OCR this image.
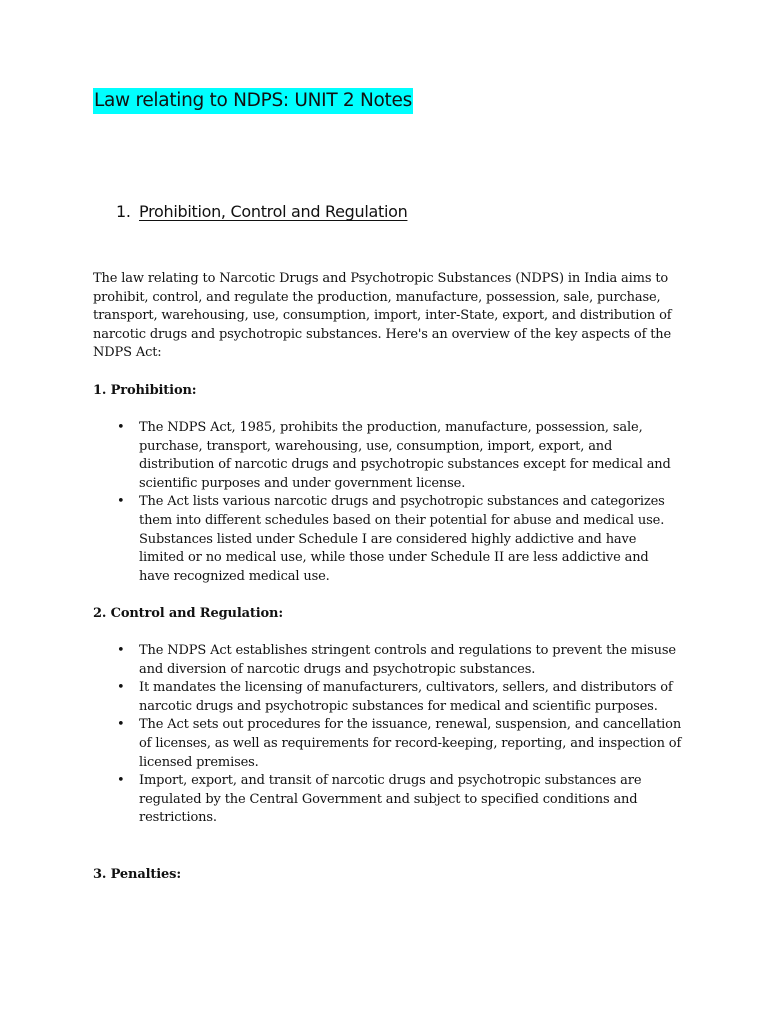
Law relating to NDPS: UNIT 2 Notes
1. Prohibition, Control and Regulation

The law relating to Narcotic Drugs and Psychotropic Substances (NDPS) in India aims to prohibit, control, and regulate the production, manufacture, possession, sale, purchase, transport, warehousing, use, consumption, import, inter-State, export, and distribution of narcotic drugs and psychotropic substances. Here's an overview of the key aspects of the NDPS Act:

1. Prohibition:

• The NDPS Act, 1985, prohibits the production, manufacture, possession, sale, purchase, transport, warehousing, use, consumption, import, export, and distribution of narcotic drugs and psychotropic substances except for medical and scientific purposes and under government license.
• The Act lists various narcotic drugs and psychotropic substances and categorizes them into different schedules based on their potential for abuse and medical use. Substances listed under Schedule I are considered highly addictive and have limited or no medical use, while those under Schedule II are less addictive and have recognized medical use.

2. Control and Regulation:

• The NDPS Act establishes stringent controls and regulations to prevent the misuse and diversion of narcotic drugs and psychotropic substances.
• It mandates the licensing of manufacturers, cultivators, sellers, and distributors of narcotic drugs and psychotropic substances for medical and scientific purposes.
• The Act sets out procedures for the issuance, renewal, suspension, and cancellation of licenses, as well as requirements for record-keeping, reporting, and inspection of licensed premises.
• Import, export, and transit of narcotic drugs and psychotropic substances are regulated by the Central Government and subject to specified conditions and restrictions.

3. Penalties:
